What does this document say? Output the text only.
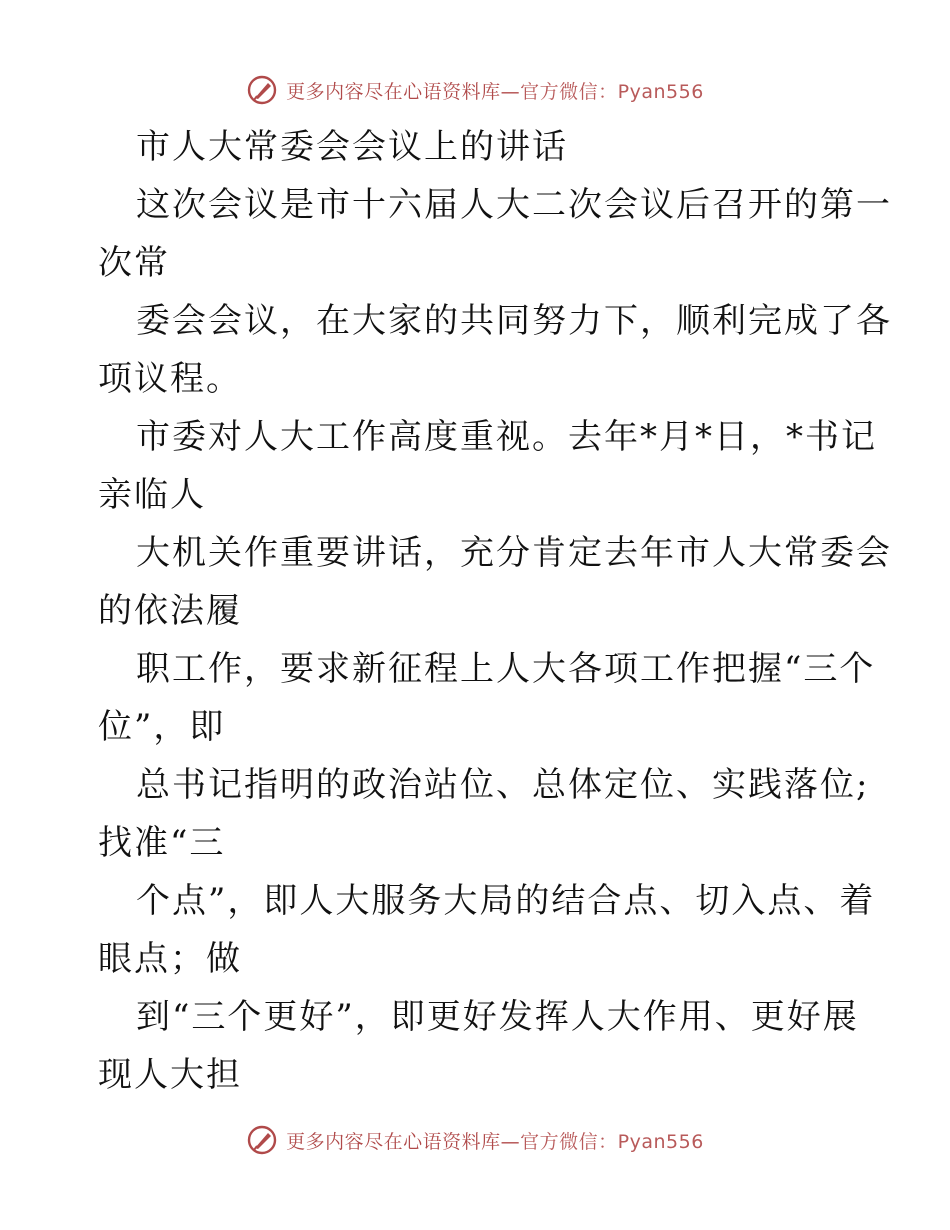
更多内容尽在心语资料库—官方微信：Pyan556
市人大常委会会议上的讲话
这次会议是市十六届人大二次会议后召开的第一
次常
委会会议，在大家的共同努力下，顺利完成了各
项议程。
市委对人大工作高度重视。去年*月*日，*书记
亲临人
大机关作重要讲话，充分肯定去年市人大常委会
的依法履
职工作，要求新征程上人大各项工作把握“三个
位”，即
总书记指明的政治站位、总体定位、实践落位;
找准“三
个点”，即人大服务大局的结合点、切入点、着
眼点；做
到“三个更好”，即更好发挥人大作用、更好展
现人大担
更多内容尽在心语资料库—官方微信：Pyan556
